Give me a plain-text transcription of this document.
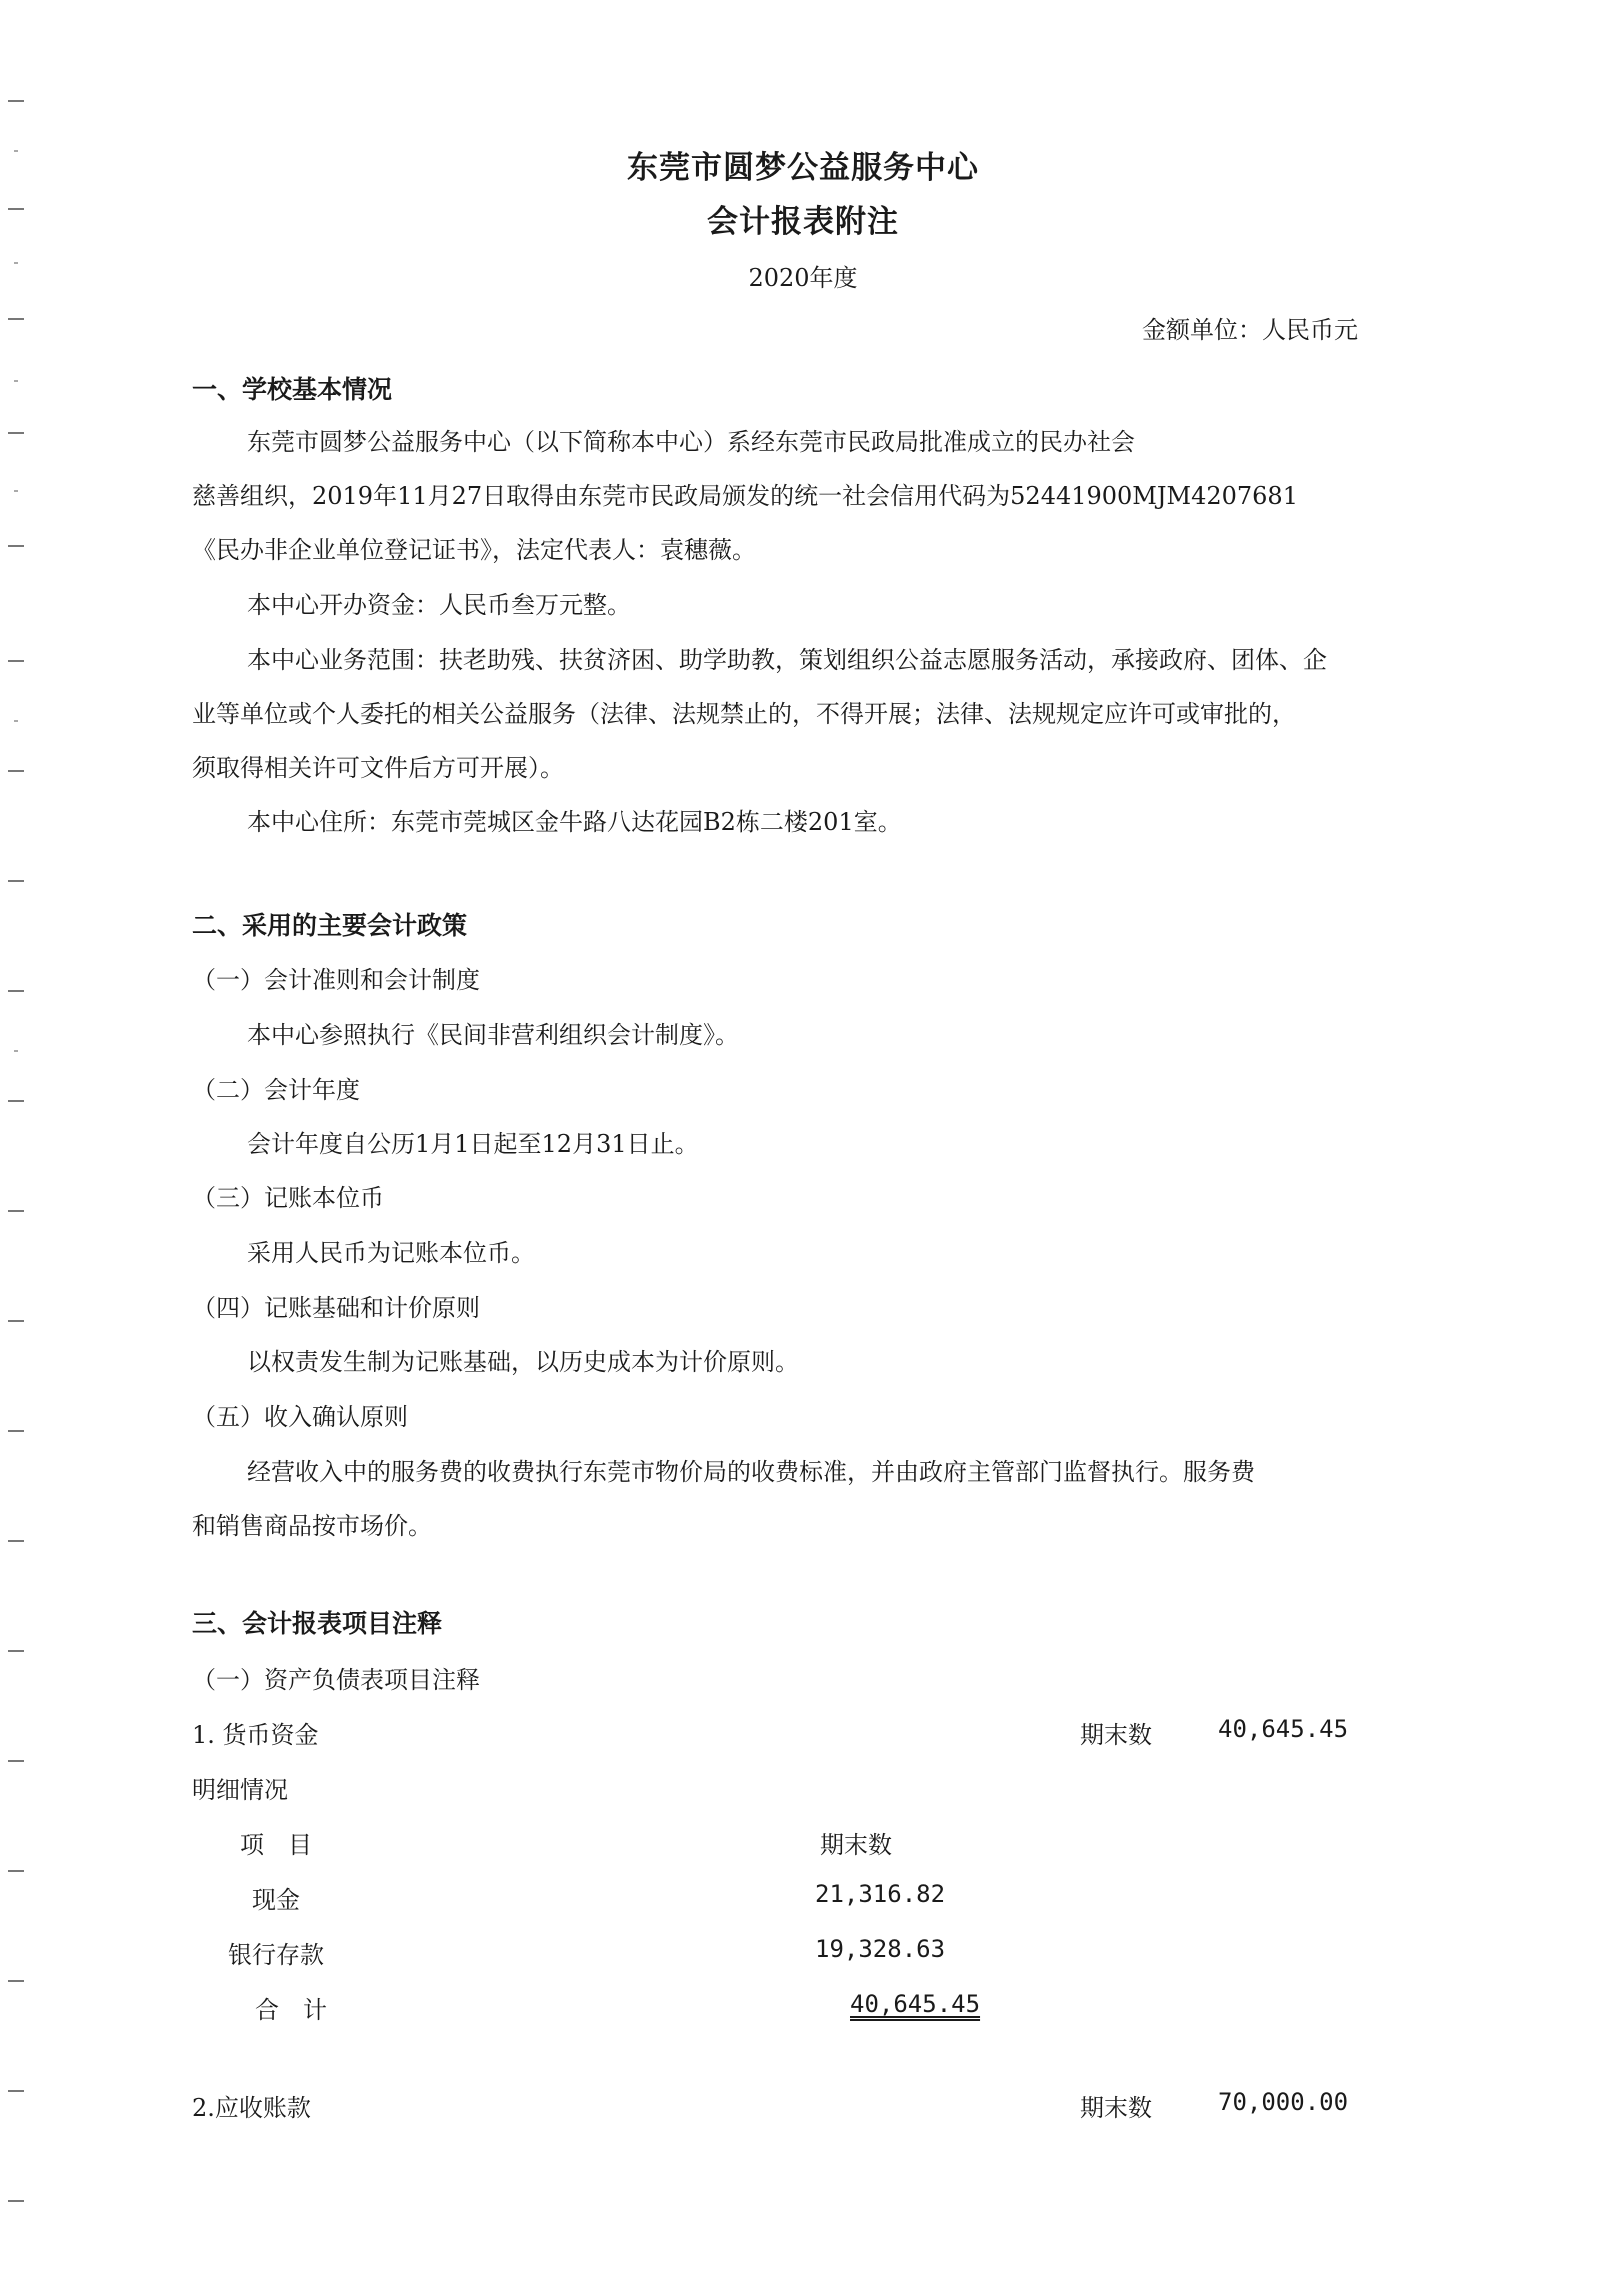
东莞市圆梦公益服务中心
会计报表附注
2020年度
金额单位：人民币元
一、学校基本情况
东莞市圆梦公益服务中心（以下简称本中心）系经东莞市民政局批准成立的民办社会
慈善组织，2019年11月27日取得由东莞市民政局颁发的统一社会信用代码为52441900MJM4207681
《民办非企业单位登记证书》，法定代表人：袁穗薇。
本中心开办资金：人民币叁万元整。
本中心业务范围：扶老助残、扶贫济困、助学助教，策划组织公益志愿服务活动，承接政府、团体、企
业等单位或个人委托的相关公益服务（法律、法规禁止的，不得开展；法律、法规规定应许可或审批的，
须取得相关许可文件后方可开展）。
本中心住所：东莞市莞城区金牛路八达花园B2栋二楼201室。
二、采用的主要会计政策
（一）会计准则和会计制度
本中心参照执行《民间非营利组织会计制度》。
（二）会计年度
会计年度自公历1月1日起至12月31日止。
（三）记账本位币
采用人民币为记账本位币。
（四）记账基础和计价原则
以权责发生制为记账基础，以历史成本为计价原则。
（五）收入确认原则
经营收入中的服务费的收费执行东莞市物价局的收费标准，并由政府主管部门监督执行。服务费
和销售商品按市场价。
三、会计报表项目注释
（一）资产负债表项目注释
1. 货币资金	期末数	40,645.45
明细情况
项　目	期末数
现金	21,316.82
银行存款	19,328.63
合　计	40,645.45
2.应收账款	期末数	70,000.00
